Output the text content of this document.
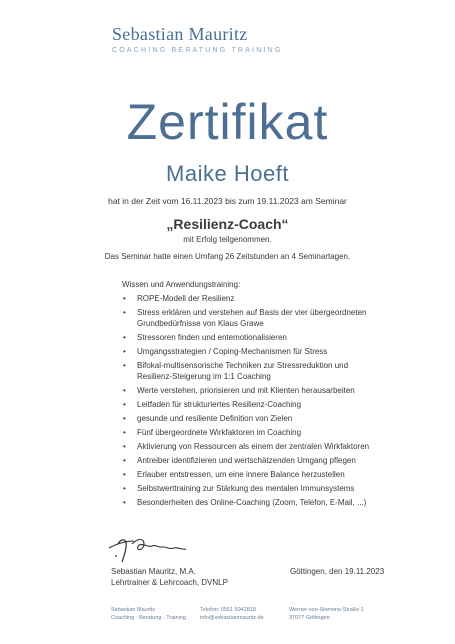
Sebastian Mauritz
COACHING BERATUNG TRAINING
Zertifikat
Maike Hoeft
hat in der Zeit vom 16.11.2023 bis zum 19.11.2023 am Seminar
„Resilienz-Coach“
mit Erfolg teilgenommen.
Das Seminar hatte einen Umfang 26 Zeitstunden an 4 Seminartagen.
Wissen und Anwendungstraining:
• ROPE-Modell der Resilienz
• Stress erklären und verstehen auf Basis der vier übergeordneten
Grundbedürfnisse von Klaus Grawe
• Stressoren finden und entemotionalisieren
• Umgangsstrategien / Coping-Mechanismen für Stress
• Bifokal-multisensorische Techniken zur Stressreduktion und
Resilienz-Steigerung im 1:1 Coaching
• Werte verstehen, priorisieren und mit Klienten herausarbeiten
• Leitfaden für strukturiertes Resilienz-Coaching
• gesunde und resiliente Definition von Zielen
• Fünf übergeordnete Wirkfaktoren im Coaching
• Aktivierung von Ressourcen als einem der zentralen Wirkfaktoren
• Antreiber identifizieren und wertschätzenden Umgang pflegen
• Erlauber entstressen, um eine innere Balance herzustellen
• Selbstwerttraining zur Stärkung des mentalen Immunsystems
• Besonderheiten des Online-Coaching (Zoom, Telefon, E-Mail, ...)
Sebastian Mauritz, M.A.
Lehrtrainer & Lehrcoach, DVNLP
Göttingen, den 19.11.2023
Sebastian Mauritz
Coaching · Beratung · Training
Telefon: 0551 5042818
info@sebastianmauritz.de
Werner-von-Siemens-Straße 1
37077 Göttingen
